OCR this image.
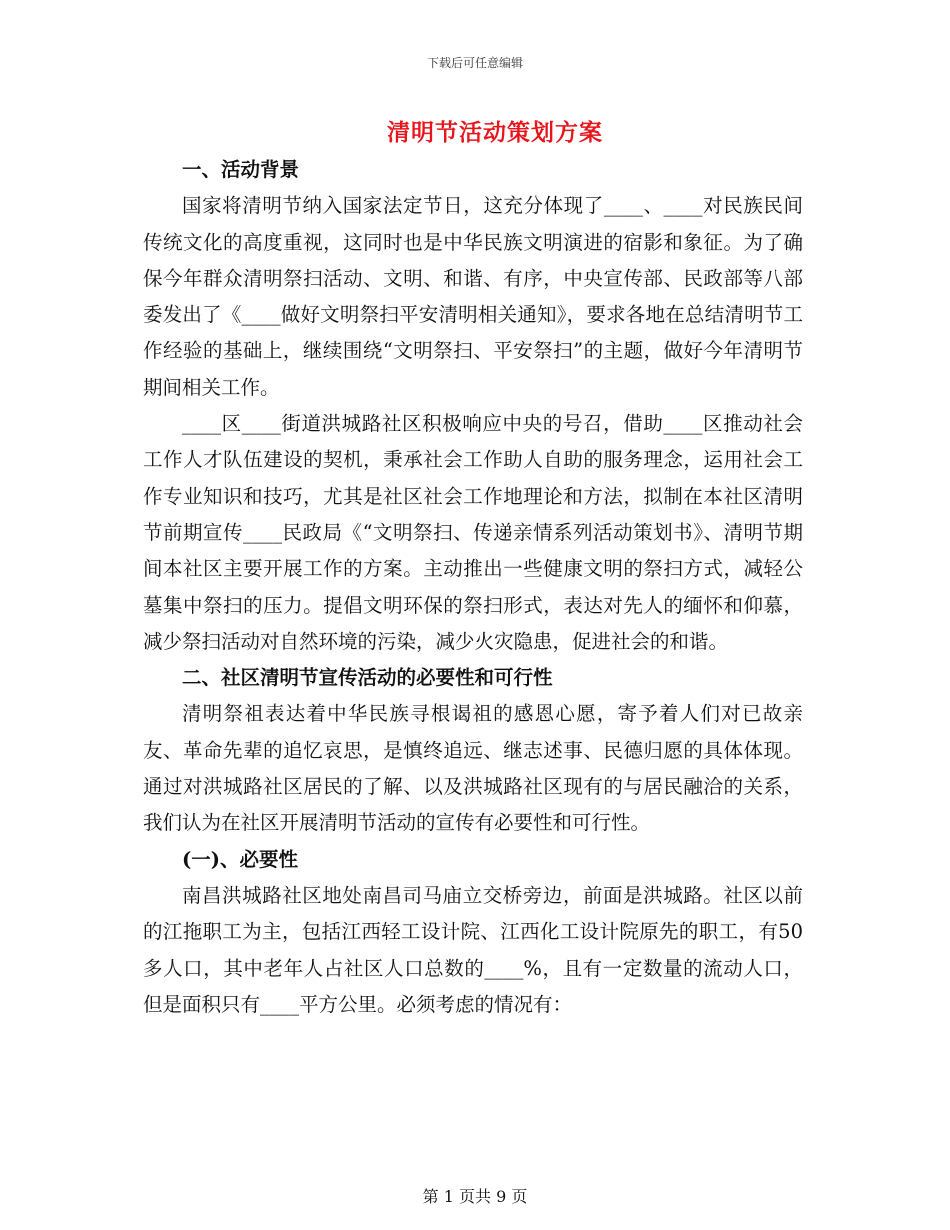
下载后可任意编辑
清明节活动策划方案
一、活动背景

国家将清明节纳入国家法定节日，这充分体现了____、____对民族民间传统文化的高度重视，这同时也是中华民族文明演进的宿影和象征。为了确保今年群众清明祭扫活动、文明、和谐、有序，中央宣传部、民政部等八部委发出了《____做好文明祭扫平安清明相关通知》，要求各地在总结清明节工作经验的基础上，继续围绕“文明祭扫、平安祭扫”的主题，做好今年清明节期间相关工作。

____区____街道洪城路社区积极响应中央的号召，借助____区推动社会工作人才队伍建设的契机，秉承社会工作助人自助的服务理念，运用社会工作专业知识和技巧，尤其是社区社会工作地理论和方法，拟制在本社区清明节前期宣传____民政局《“文明祭扫、传递亲情系列活动策划书》、清明节期间本社区主要开展工作的方案。主动推出一些健康文明的祭扫方式，减轻公墓集中祭扫的压力。提倡文明环保的祭扫形式，表达对先人的缅怀和仰慕，减少祭扫活动对自然环境的污染，减少火灾隐患，促进社会的和谐。

二、社区清明节宣传活动的必要性和可行性

清明祭祖表达着中华民族寻根谒祖的感恩心愿，寄予着人们对已故亲友、革命先辈的追忆哀思，是慎终追远、继志述事、民德归愿的具体体现。通过对洪城路社区居民的了解、以及洪城路社区现有的与居民融洽的关系，我们认为在社区开展清明节活动的宣传有必要性和可行性。

(一)、必要性

南昌洪城路社区地处南昌司马庙立交桥旁边，前面是洪城路。社区以前的江拖职工为主，包括江西轻工设计院、江西化工设计院原先的职工，有50多人口，其中老年人占社区人口总数的____%，且有一定数量的流动人口，但是面积只有____平方公里。必须考虑的情况有：

第 1 页共 9 页
